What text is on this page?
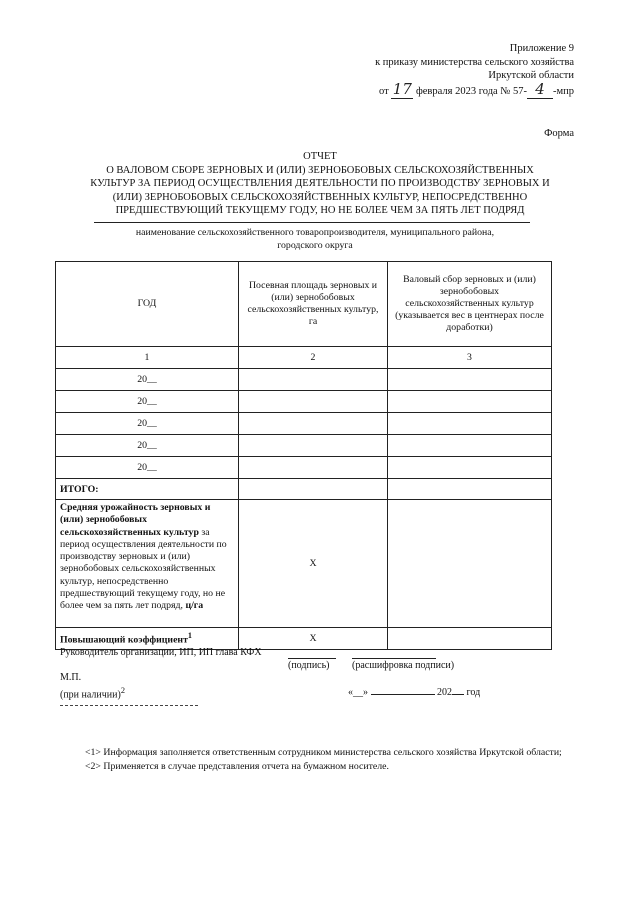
Приложение 9
к приказу министерства сельского хозяйства
Иркутской области
от 17 февраля 2023 года № 57- 4 -мпр
Форма
ОТЧЕТ
О ВАЛОВОМ СБОРЕ ЗЕРНОВЫХ И (ИЛИ) ЗЕРНОБОБОВЫХ СЕЛЬСКОХОЗЯЙСТВЕННЫХ
КУЛЬТУР ЗА ПЕРИОД ОСУЩЕСТВЛЕНИЯ ДЕЯТЕЛЬНОСТИ ПО ПРОИЗВОДСТВУ ЗЕРНОВЫХ И
(ИЛИ) ЗЕРНОБОБОВЫХ СЕЛЬСКОХОЗЯЙСТВЕННЫХ КУЛЬТУР, НЕПОСРЕДСТВЕННО
ПРЕДШЕСТВУЮЩИЙ ТЕКУЩЕМУ ГОДУ, НО НЕ БОЛЕЕ ЧЕМ ЗА ПЯТЬ ЛЕТ ПОДРЯД
наименование сельскохозяйственного товаропроизводителя, муниципального района,
городского округа
ГОД	Посевная площадь зерновых и (или) зернобобовых сельскохозяйственных культур, га	Валовый сбор зерновых и (или) зернобобовых сельскохозяйственных культур (указывается вес в центнерах после доработки)
1	2	3
20__		
20__		
20__		
20__		
20__		
ИТОГО:		
Средняя урожайность зерновых и (или) зернобобовых сельскохозяйственных культур за период осуществления деятельности по производству зерновых и (или) зернобобовых сельскохозяйственных культур, непосредственно предшествующий текущему году, но не более чем за пять лет подряд, ц/га	Х	
Повышающий коэффициент$^1$	Х	
Руководитель организации, ИП, ИП глава КФХ
(подпись) (расшифровка подписи)
М.П.
(при наличии)$^2$	«__»	202 год

<1> Информация заполняется ответственным сотрудником министерства сельского хозяйства Иркутской области;

<2> Применяется в случае представления отчета на бумажном носителе.
